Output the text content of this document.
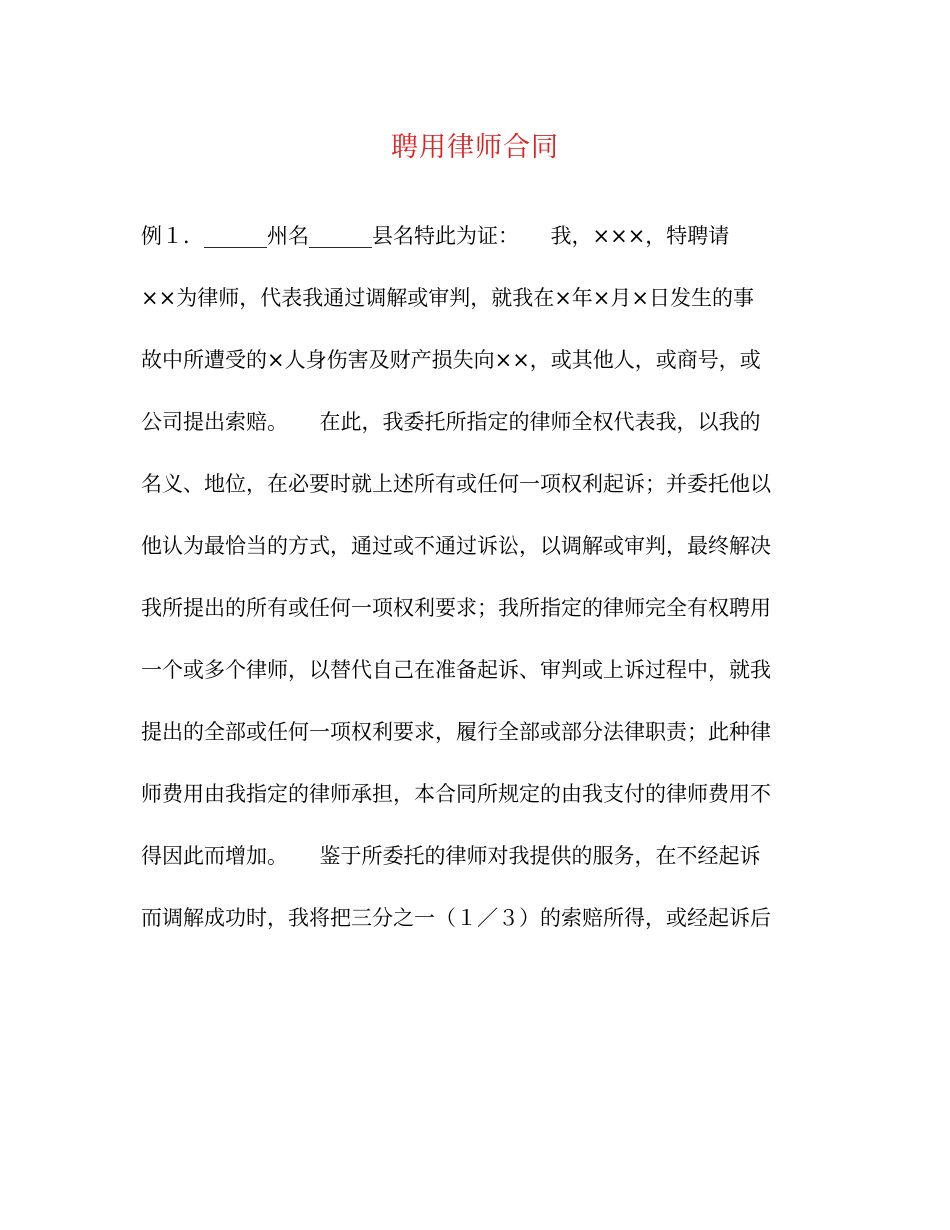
聘用律师合同
例１．______州名______县名特此为证：　　我，×××，特聘请
××为律师，代表我通过调解或审判，就我在×年×月×日发生的事
故中所遭受的×人身伤害及财产损失向××，或其他人，或商号，或
公司提出索赔。　　在此，我委托所指定的律师全权代表我，以我的
名义、地位，在必要时就上述所有或任何一项权利起诉；并委托他以
他认为最恰当的方式，通过或不通过诉讼，以调解或审判，最终解决
我所提出的所有或任何一项权利要求；我所指定的律师完全有权聘用
一个或多个律师，以替代自己在准备起诉、审判或上诉过程中，就我
提出的全部或任何一项权利要求，履行全部或部分法律职责；此种律
师费用由我指定的律师承担，本合同所规定的由我支付的律师费用不
得因此而增加。　　鉴于所委托的律师对我提供的服务，在不经起诉
而调解成功时，我将把三分之一（１／３）的索赔所得，或经起诉后
